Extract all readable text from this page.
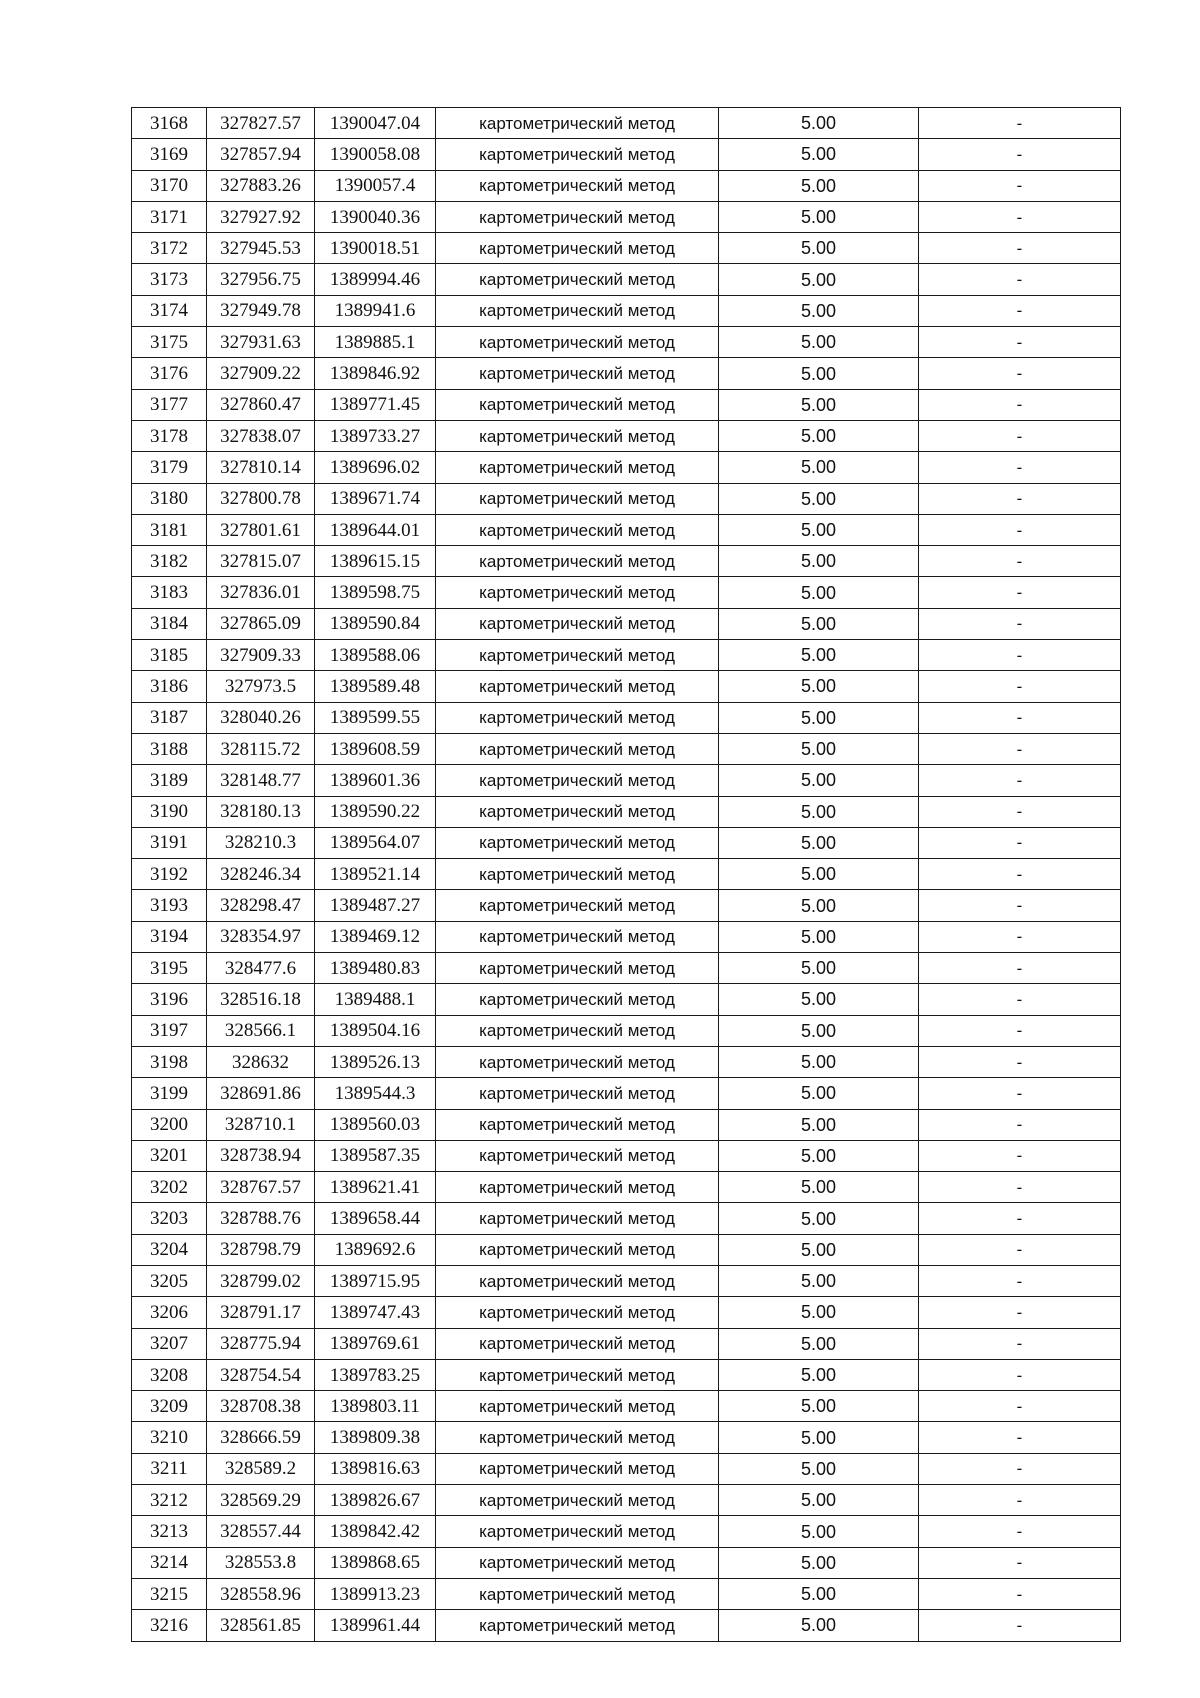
3168	327827.57	1390047.04	картометрический метод	5.00	-
3169	327857.94	1390058.08	картометрический метод	5.00	-
3170	327883.26	1390057.4	картометрический метод	5.00	-
3171	327927.92	1390040.36	картометрический метод	5.00	-
3172	327945.53	1390018.51	картометрический метод	5.00	-
3173	327956.75	1389994.46	картометрический метод	5.00	-
3174	327949.78	1389941.6	картометрический метод	5.00	-
3175	327931.63	1389885.1	картометрический метод	5.00	-
3176	327909.22	1389846.92	картометрический метод	5.00	-
3177	327860.47	1389771.45	картометрический метод	5.00	-
3178	327838.07	1389733.27	картометрический метод	5.00	-
3179	327810.14	1389696.02	картометрический метод	5.00	-
3180	327800.78	1389671.74	картометрический метод	5.00	-
3181	327801.61	1389644.01	картометрический метод	5.00	-
3182	327815.07	1389615.15	картометрический метод	5.00	-
3183	327836.01	1389598.75	картометрический метод	5.00	-
3184	327865.09	1389590.84	картометрический метод	5.00	-
3185	327909.33	1389588.06	картометрический метод	5.00	-
3186	327973.5	1389589.48	картометрический метод	5.00	-
3187	328040.26	1389599.55	картометрический метод	5.00	-
3188	328115.72	1389608.59	картометрический метод	5.00	-
3189	328148.77	1389601.36	картометрический метод	5.00	-
3190	328180.13	1389590.22	картометрический метод	5.00	-
3191	328210.3	1389564.07	картометрический метод	5.00	-
3192	328246.34	1389521.14	картометрический метод	5.00	-
3193	328298.47	1389487.27	картометрический метод	5.00	-
3194	328354.97	1389469.12	картометрический метод	5.00	-
3195	328477.6	1389480.83	картометрический метод	5.00	-
3196	328516.18	1389488.1	картометрический метод	5.00	-
3197	328566.1	1389504.16	картометрический метод	5.00	-
3198	328632	1389526.13	картометрический метод	5.00	-
3199	328691.86	1389544.3	картометрический метод	5.00	-
3200	328710.1	1389560.03	картометрический метод	5.00	-
3201	328738.94	1389587.35	картометрический метод	5.00	-
3202	328767.57	1389621.41	картометрический метод	5.00	-
3203	328788.76	1389658.44	картометрический метод	5.00	-
3204	328798.79	1389692.6	картометрический метод	5.00	-
3205	328799.02	1389715.95	картометрический метод	5.00	-
3206	328791.17	1389747.43	картометрический метод	5.00	-
3207	328775.94	1389769.61	картометрический метод	5.00	-
3208	328754.54	1389783.25	картометрический метод	5.00	-
3209	328708.38	1389803.11	картометрический метод	5.00	-
3210	328666.59	1389809.38	картометрический метод	5.00	-
3211	328589.2	1389816.63	картометрический метод	5.00	-
3212	328569.29	1389826.67	картометрический метод	5.00	-
3213	328557.44	1389842.42	картометрический метод	5.00	-
3214	328553.8	1389868.65	картометрический метод	5.00	-
3215	328558.96	1389913.23	картометрический метод	5.00	-
3216	328561.85	1389961.44	картометрический метод	5.00	-
